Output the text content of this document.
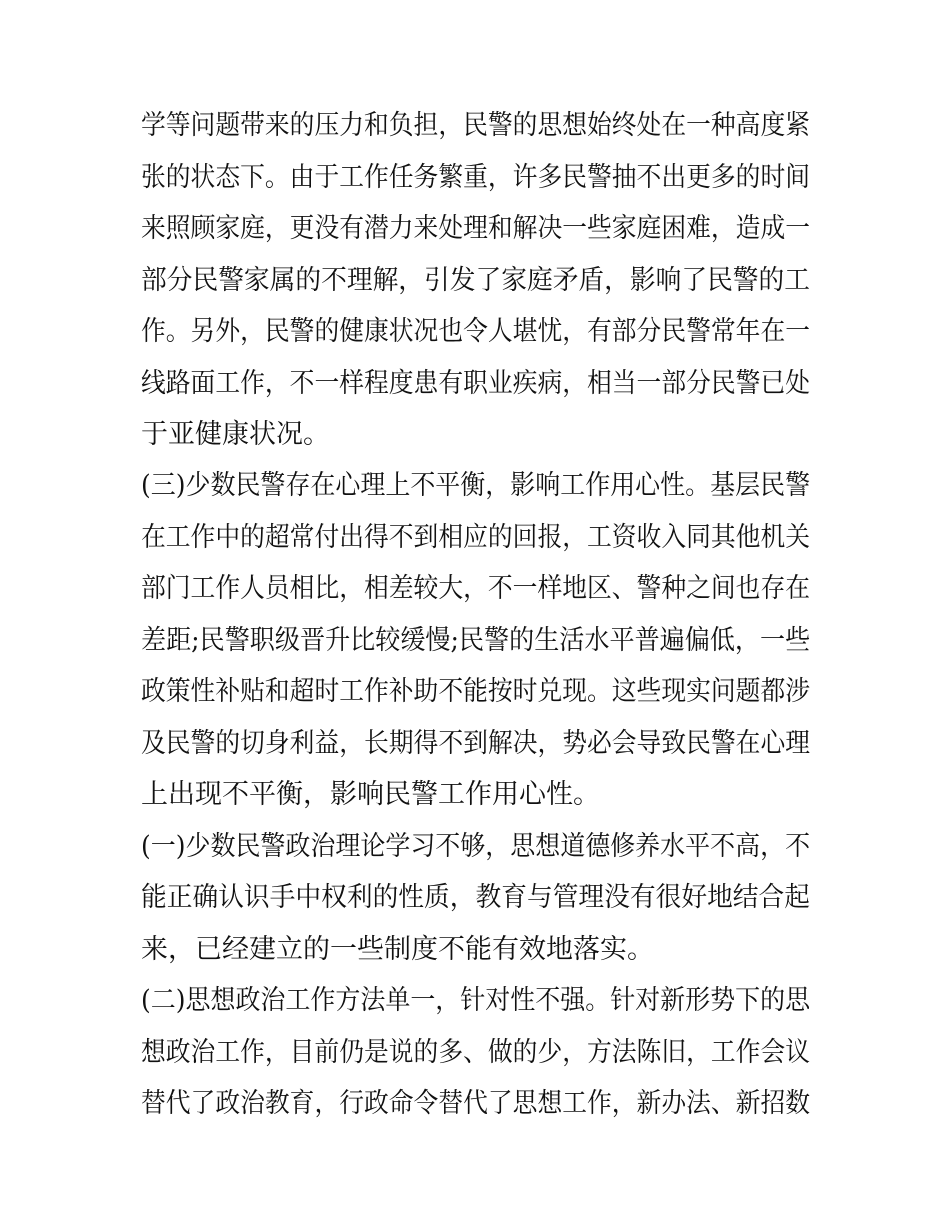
学等问题带来的压力和负担，民警的思想始终处在一种高度紧
张的状态下。由于工作任务繁重，许多民警抽不出更多的时间
来照顾家庭，更没有潜力来处理和解决一些家庭困难，造成一
部分民警家属的不理解，引发了家庭矛盾，影响了民警的工
作。另外，民警的健康状况也令人堪忧，有部分民警常年在一
线路面工作，不一样程度患有职业疾病，相当一部分民警已处
于亚健康状况。
(三)少数民警存在心理上不平衡，影响工作用心性。基层民警
在工作中的超常付出得不到相应的回报，工资收入同其他机关
部门工作人员相比，相差较大，不一样地区、警种之间也存在
差距;民警职级晋升比较缓慢;民警的生活水平普遍偏低，一些
政策性补贴和超时工作补助不能按时兑现。这些现实问题都涉
及民警的切身利益，长期得不到解决，势必会导致民警在心理
上出现不平衡，影响民警工作用心性。
(一)少数民警政治理论学习不够，思想道德修养水平不高，不
能正确认识手中权利的性质，教育与管理没有很好地结合起
来，已经建立的一些制度不能有效地落实。
(二)思想政治工作方法单一，针对性不强。针对新形势下的思
想政治工作，目前仍是说的多、做的少，方法陈旧，工作会议
替代了政治教育，行政命令替代了思想工作，新办法、新招数
